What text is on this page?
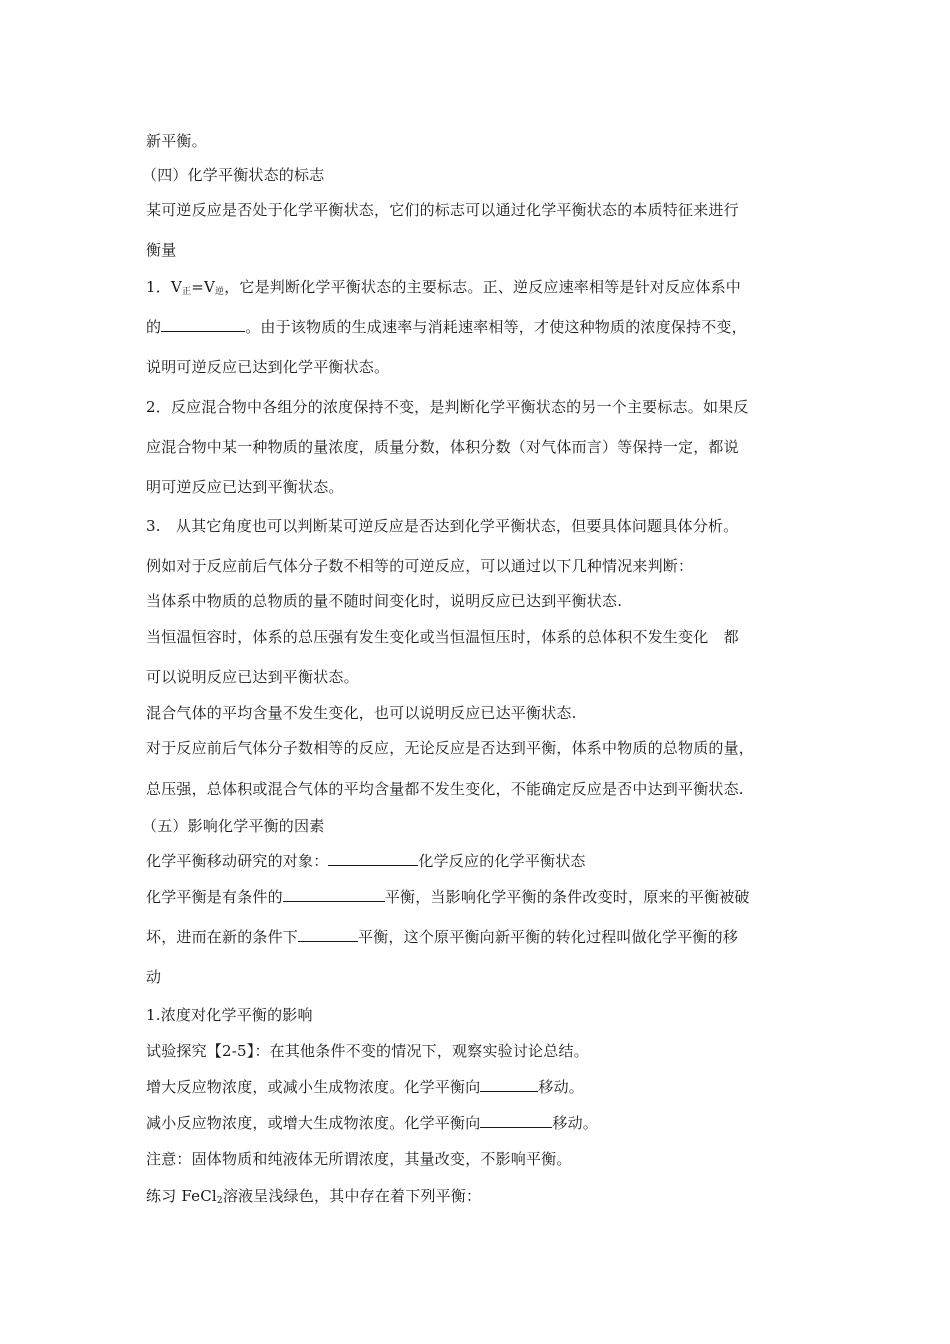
新平衡。
（四）化学平衡状态的标志
某可逆反应是否处于化学平衡状态，它们的标志可以通过化学平衡状态的本质特征来进行
衡量
1．$V_正=V_逆$，它是判断化学平衡状态的主要标志。正、逆反应速率相等是针对反应体系中
的	。由于该物质的生成速率与消耗速率相等，才使这种物质的浓度保持不变，
说明可逆反应已达到化学平衡状态。
2．反应混合物中各组分的浓度保持不变，是判断化学平衡状态的另一个主要标志。如果反
应混合物中某一种物质的量浓度，质量分数，体积分数（对气体而言）等保持一定，都说
明可逆反应已达到平衡状态。
3.　从其它角度也可以判断某可逆反应是否达到化学平衡状态，但要具体问题具体分析。
例如对于反应前后气体分子数不相等的可逆反应，可以通过以下几种情况来判断：
当体系中物质的总物质的量不随时间变化时，说明反应已达到平衡状态.
当恒温恒容时，体系的总压强有发生变化或当恒温恒压时，体系的总体积不发生变化　都
可以说明反应已达到平衡状态。
混合气体的平均含量不发生变化，也可以说明反应已达平衡状态.
对于反应前后气体分子数相等的反应，无论反应是否达到平衡，体系中物质的总物质的量，
总压强，总体积或混合气体的平均含量都不发生变化，不能确定反应是否中达到平衡状态.
（五）影响化学平衡的因素
化学平衡移动研究的对象：	化学反应的化学平衡状态
化学平衡是有条件的	平衡，当影响化学平衡的条件改变时，原来的平衡被破
坏，进而在新的条件下	平衡，这个原平衡向新平衡的转化过程叫做化学平衡的移
动
1.浓度对化学平衡的影响
试验探究【2-5】：在其他条件不变的情况下，观察实验讨论总结。
增大反应物浓度，或减小生成物浓度。化学平衡向	移动。
减小反应物浓度，或增大生成物浓度。化学平衡向	移动。
注意：固体物质和纯液体无所谓浓度，其量改变，不影响平衡。
练习 FeCl$_2$溶液呈浅绿色，其中存在着下列平衡：
